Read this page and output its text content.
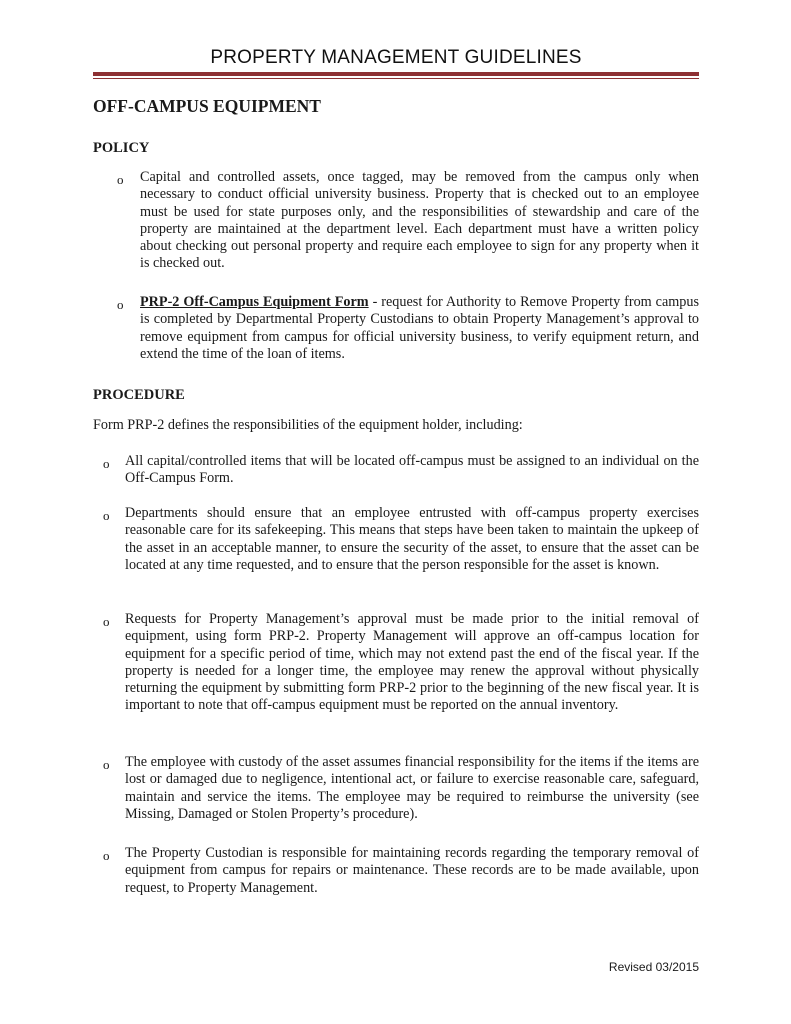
PROPERTY MANAGEMENT GUIDELINES
OFF-CAMPUS EQUIPMENT
POLICY
o Capital and controlled assets, once tagged, may be removed from the campus only when necessary to conduct official university business. Property that is checked out to an employee must be used for state purposes only, and the responsibilities of stewardship and care of the property are maintained at the department level. Each department must have a written policy about checking out personal property and require each employee to sign for any property when it is checked out.

o PRP-2 Off-Campus Equipment Form - request for Authority to Remove Property from campus is completed by Departmental Property Custodians to obtain Property Management’s approval to remove equipment from campus for official university business, to verify equipment return, and extend the time of the loan of items.

PROCEDURE

Form PRP-2 defines the responsibilities of the equipment holder, including:

o All capital/controlled items that will be located off-campus must be assigned to an individual on the Off-Campus Form.

o Departments should ensure that an employee entrusted with off-campus property exercises reasonable care for its safekeeping. This means that steps have been taken to maintain the upkeep of the asset in an acceptable manner, to ensure the security of the asset, to ensure that the asset can be located at any time requested, and to ensure that the person responsible for the asset is known.

o Requests for Property Management’s approval must be made prior to the initial removal of equipment, using form PRP-2. Property Management will approve an off-campus location for equipment for a specific period of time, which may not extend past the end of the fiscal year. If the property is needed for a longer time, the employee may renew the approval without physically returning the equipment by submitting form PRP-2 prior to the beginning of the new fiscal year. It is important to note that off-campus equipment must be reported on the annual inventory.

o The employee with custody of the asset assumes financial responsibility for the items if the items are lost or damaged due to negligence, intentional act, or failure to exercise reasonable care, safeguard, maintain and service the items. The employee may be required to reimburse the university (see Missing, Damaged or Stolen Property’s procedure).

o The Property Custodian is responsible for maintaining records regarding the temporary removal of equipment from campus for repairs or maintenance. These records are to be made available, upon request, to Property Management.

Revised 03/2015
